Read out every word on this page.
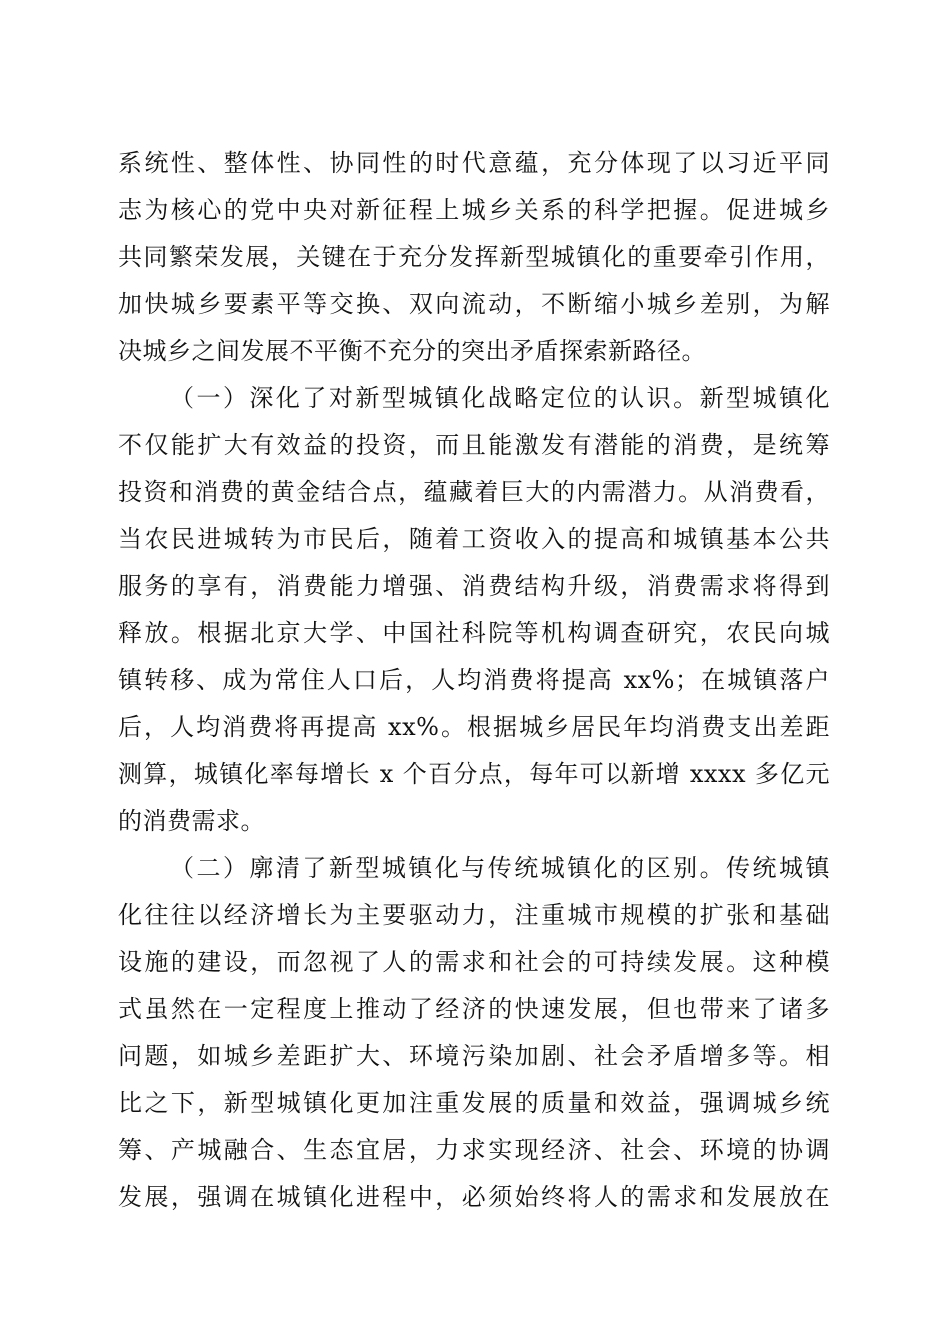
系统性、整体性、协同性的时代意蕴，充分体现了以习近平同
志为核心的党中央对新征程上城乡关系的科学把握。促进城乡
共同繁荣发展，关键在于充分发挥新型城镇化的重要牵引作用，
加快城乡要素平等交换、双向流动，不断缩小城乡差别，为解
决城乡之间发展不平衡不充分的突出矛盾探索新路径。
（一）深化了对新型城镇化战略定位的认识。新型城镇化
不仅能扩大有效益的投资，而且能激发有潜能的消费，是统筹
投资和消费的黄金结合点，蕴藏着巨大的内需潜力。从消费看，
当农民进城转为市民后，随着工资收入的提高和城镇基本公共
服务的享有，消费能力增强、消费结构升级，消费需求将得到
释放。根据北京大学、中国社科院等机构调查研究，农民向城
镇转移、成为常住人口后，人均消费将提高 xx%；在城镇落户
后，人均消费将再提高 xx%。根据城乡居民年均消费支出差距
测算，城镇化率每增长 x 个百分点，每年可以新增 xxxx 多亿元
的消费需求。
（二）廓清了新型城镇化与传统城镇化的区别。传统城镇
化往往以经济增长为主要驱动力，注重城市规模的扩张和基础
设施的建设，而忽视了人的需求和社会的可持续发展。这种模
式虽然在一定程度上推动了经济的快速发展，但也带来了诸多
问题，如城乡差距扩大、环境污染加剧、社会矛盾增多等。相
比之下，新型城镇化更加注重发展的质量和效益，强调城乡统
筹、产城融合、生态宜居，力求实现经济、社会、环境的协调
发展，强调在城镇化进程中，必须始终将人的需求和发展放在
